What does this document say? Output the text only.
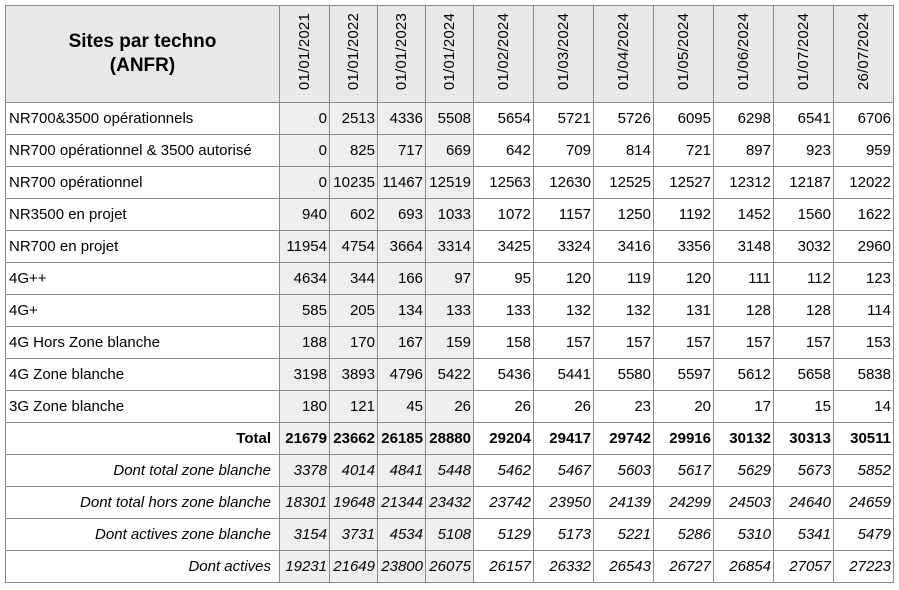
Sites par techno
(ANFR)	01/01/2021	01/01/2022	01/01/2023	01/01/2024	01/02/2024	01/03/2024	01/04/2024	01/05/2024	01/06/2024	01/07/2024	26/07/2024
NR700&3500 opérationnels	0	2513	4336	5508	5654	5721	5726	6095	6298	6541	6706
NR700 opérationnel & 3500 autorisé	0	825	717	669	642	709	814	721	897	923	959
NR700 opérationnel	0	10235	11467	12519	12563	12630	12525	12527	12312	12187	12022
NR3500 en projet	940	602	693	1033	1072	1157	1250	1192	1452	1560	1622
NR700 en projet	11954	4754	3664	3314	3425	3324	3416	3356	3148	3032	2960
4G++	4634	344	166	97	95	120	119	120	111	112	123
4G+	585	205	134	133	133	132	132	131	128	128	114
4G Hors Zone blanche	188	170	167	159	158	157	157	157	157	157	153
4G Zone blanche	3198	3893	4796	5422	5436	5441	5580	5597	5612	5658	5838
3G Zone blanche	180	121	45	26	26	26	23	20	17	15	14
Total	21679	23662	26185	28880	29204	29417	29742	29916	30132	30313	30511
Dont total zone blanche	3378	4014	4841	5448	5462	5467	5603	5617	5629	5673	5852
Dont total hors zone blanche	18301	19648	21344	23432	23742	23950	24139	24299	24503	24640	24659
Dont actives zone blanche	3154	3731	4534	5108	5129	5173	5221	5286	5310	5341	5479
Dont actives	19231	21649	23800	26075	26157	26332	26543	26727	26854	27057	27223
